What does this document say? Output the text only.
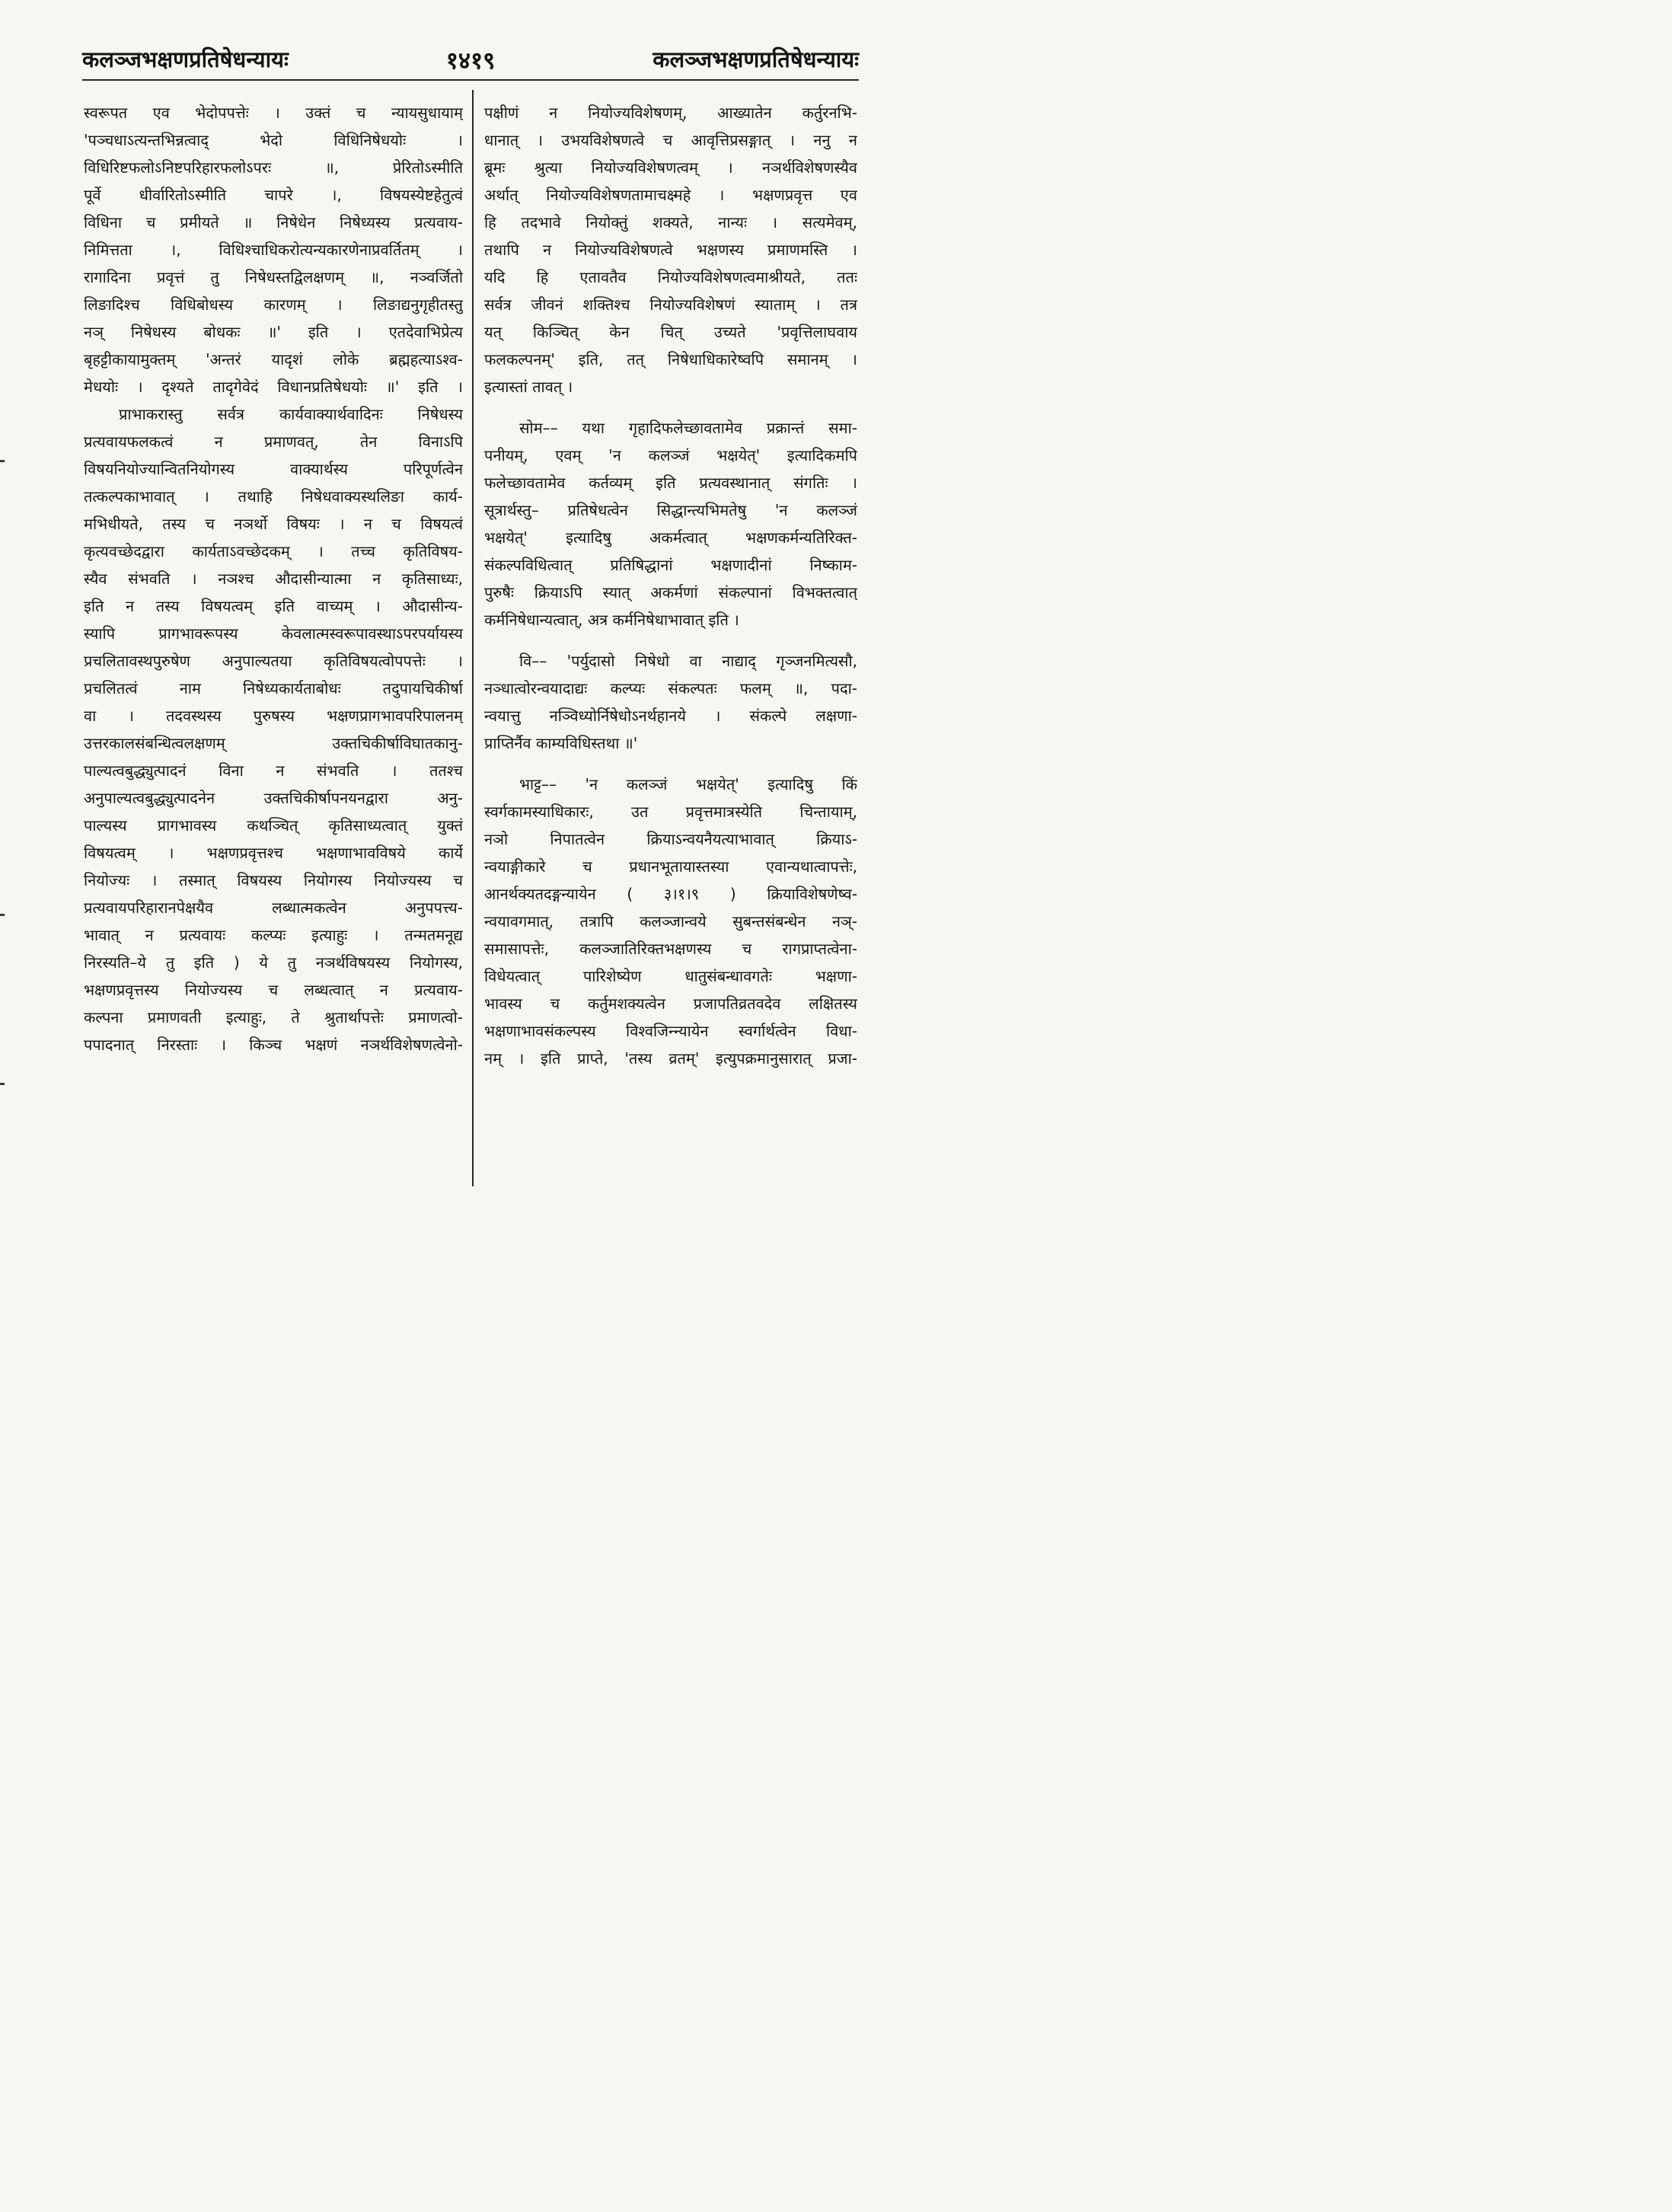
१४१९
कलञ्जभक्षणप्रतिषेधन्यायः	कलञ्जभक्षणप्रतिषेधन्यायः
स्वरूपत एव भेदोपपत्तेः । उक्तं च न्यायसुधायाम्
'पञ्चधाऽत्यन्तभिन्नत्वाद् भेदो विधिनिषेधयोः ।
विधिरिष्टफलोऽनिष्टपरिहारफलोऽपरः ॥, प्रेरितोऽस्मीति
पूर्वे धीर्वारितोऽस्मीति चापरे ।, विषयस्येष्टहेतुत्वं
विधिना च प्रमीयते ॥ निषेधेन निषेध्यस्य प्रत्यवाय-
निमित्तता ।, विधिश्चाधिकरोत्यन्यकारणेनाप्रवर्तितम् ।
रागादिना प्रवृत्तं तु निषेधस्तद्विलक्षणम् ॥, नञ्वर्जितो
लिङादिश्च विधिबोधस्य कारणम् । लिङाद्यनुगृहीतस्तु
नञ् निषेधस्य बोधकः ॥' इति । एतदेवाभिप्रेत्य
बृहट्टीकायामुक्तम् 'अन्तरं यादृशं लोके ब्रह्महत्याऽश्व-
मेधयोः । दृश्यते तादृगेवेदं विधानप्रतिषेधयोः ॥' इति ।
प्राभाकरास्तु सर्वत्र कार्यवाक्यार्थवादिनः निषेधस्य
प्रत्यवायफलकत्वं न प्रमाणवत्, तेन विनाऽपि
विषयनियोज्यान्वितनियोगस्य वाक्यार्थस्य परिपूर्णत्वेन
तत्कल्पकाभावात् । तथाहि निषेधवाक्यस्थलिङा कार्य-
मभिधीयते, तस्य च नञर्थो विषयः । न च विषयत्वं
कृत्यवच्छेदद्वारा कार्यताऽवच्छेदकम् । तच्च कृतिविषय-
स्यैव संभवति । नञश्च औदासीन्यात्मा न कृतिसाध्यः,
इति न तस्य विषयत्वम् इति वाच्यम् । औदासीन्य-
स्यापि प्रागभावरूपस्य केवलात्मस्वरूपावस्थाऽपरपर्यायस्य
प्रचलितावस्थपुरुषेण अनुपाल्यतया कृतिविषयत्वोपपत्तेः ।
प्रचलितत्वं नाम निषेध्यकार्यताबोधः तदुपायचिकीर्षा
वा । तदवस्थस्य पुरुषस्य भक्षणप्रागभावपरिपालनम्
उत्तरकालसंबन्धित्वलक्षणम् उक्तचिकीर्षाविघातकानु-
पाल्यत्वबुद्ध्युत्पादनं विना न संभवति । ततश्च
अनुपाल्यत्वबुद्ध्युत्पादनेन उक्तचिकीर्षापनयनद्वारा अनु-
पाल्यस्य प्रागभावस्य कथञ्चित् कृतिसाध्यत्वात् युक्तं
विषयत्वम् । भक्षणप्रवृत्तश्च भक्षणाभावविषये कार्ये
नियोज्यः । तस्मात् विषयस्य नियोगस्य नियोज्यस्य च
प्रत्यवायपरिहारानपेक्षयैव लब्धात्मकत्वेन अनुपपत्त्य-
भावात् न प्रत्यवायः कल्प्यः इत्याहुः । तन्मतमनूद्य
निरस्यति–ये तु इति ) ये तु नञर्थविषयस्य नियोगस्य,
भक्षणप्रवृत्तस्य नियोज्यस्य च लब्धत्वात् न प्रत्यवाय-
कल्पना प्रमाणवती इत्याहुः, ते श्रुतार्थापत्तेः प्रमाणत्वो-
पपादनात् निरस्ताः । किञ्च भक्षणं नञर्थविशेषणत्वेनो-
पक्षीणं न नियोज्यविशेषणम्, आख्यातेन कर्तुरनभि-
धानात् । उभयविशेषणत्वे च आवृत्तिप्रसङ्गात् । ननु न
ब्रूमः श्रुत्या नियोज्यविशेषणत्वम् । नञर्थविशेषणस्यैव
अर्थात् नियोज्यविशेषणतामाचक्ष्महे । भक्षणप्रवृत्त एव
हि तदभावे नियोक्तुं शक्यते, नान्यः । सत्यमेवम्,
तथापि न नियोज्यविशेषणत्वे भक्षणस्य प्रमाणमस्ति ।
यदि हि एतावतैव नियोज्यविशेषणत्वमाश्रीयते, ततः
सर्वत्र जीवनं शक्तिश्च नियोज्यविशेषणं स्याताम् । तत्र
यत् किञ्चित् केन चित् उच्यते 'प्रवृत्तिलाघवाय
फलकल्पनम्' इति, तत् निषेधाधिकारेष्वपि समानम् ।
इत्यास्तां तावत् ।
सोम–– यथा गृहादिफलेच्छावतामेव प्रक्रान्तं समा-
पनीयम्, एवम् 'न कलञ्जं भक्षयेत्' इत्यादिकमपि
फलेच्छावतामेव कर्तव्यम् इति प्रत्यवस्थानात् संगतिः ।
सूत्रार्थस्तु– प्रतिषेधत्वेन सिद्धान्त्यभिमतेषु 'न कलञ्जं
भक्षयेत्' इत्यादिषु अकर्मत्वात् भक्षणकर्मन्यतिरिक्त-
संकल्पविधित्वात् प्रतिषिद्धानां भक्षणादीनां निष्काम-
पुरुषैः क्रियाऽपि स्यात् अकर्मणां संकल्पानां विभक्तत्वात्
कर्मनिषेधान्यत्वात्, अत्र कर्मनिषेधाभावात् इति ।
वि–– 'पर्युदासो निषेधो वा नाद्याद् गृञ्जनमित्यसौ,
नञ्धात्वोरन्वयादाद्यः कल्प्यः संकल्पतः फलम् ॥, पदा-
न्वयात्तु नञ्विध्योर्निषेधोऽनर्थहानये । संकल्पे लक्षणा-
प्राप्तिर्नैव काम्यविधिस्तथा ॥'
भाट्ट–– 'न कलञ्जं भक्षयेत्' इत्यादिषु किं
स्वर्गकामस्याधिकारः, उत प्रवृत्तमात्रस्येति चिन्तायाम्,
नञो निपातत्वेन क्रियाऽन्वयनैयत्याभावात् क्रियाऽ-
न्वयाङ्गीकारे च प्रधानभूतायास्तस्या एवान्यथात्वापत्तेः,
आनर्थक्यतदङ्गन्यायेन ( ३।१।९ ) क्रियाविशेषणेष्व-
न्वयावगमात्, तत्रापि कलञ्जान्वये सुबन्तसंबन्धेन नञ्-
समासापत्तेः, कलञ्जातिरिक्तभक्षणस्य च रागप्राप्तत्वेना-
विधेयत्वात् पारिशेष्येण धातुसंबन्धावगतेः भक्षणा-
भावस्य च कर्तुमशक्यत्वेन प्रजापतिव्रतवदेव लक्षितस्य
भक्षणाभावसंकल्पस्य विश्वजिन्न्यायेन स्वर्गार्थत्वेन विधा-
नम् । इति प्राप्ते, 'तस्य व्रतम्' इत्युपक्रमानुसारात् प्रजा-
